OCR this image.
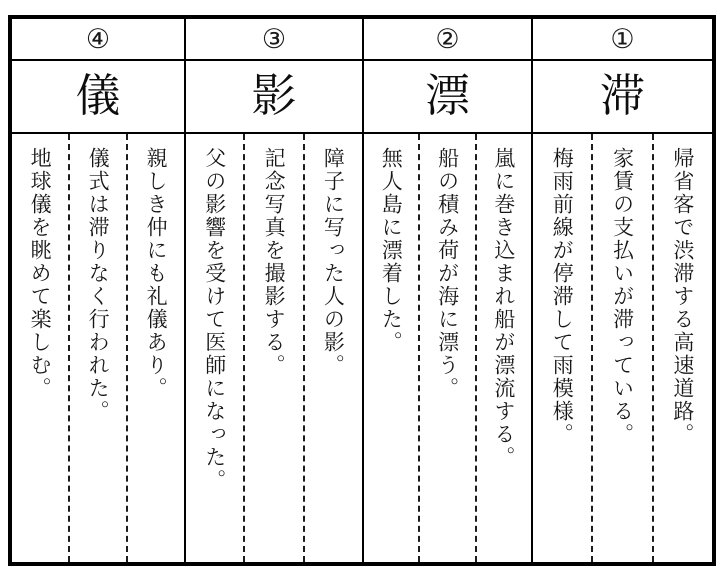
④
儀
親しき仲にも礼儀あり。
儀式は滞りなく行われた。
地球儀を眺めて楽しむ。
③
影
障子に写った人の影。
記念写真を撮影する。
父の影響を受けて医師になった。
②
漂
嵐に巻き込まれ船が漂流する。
船の積み荷が海に漂う。
無人島に漂着した。
①
滞
帰省客で渋滞する高速道路。
家賃の支払いが滞っている。
梅雨前線が停滞して雨模様。
